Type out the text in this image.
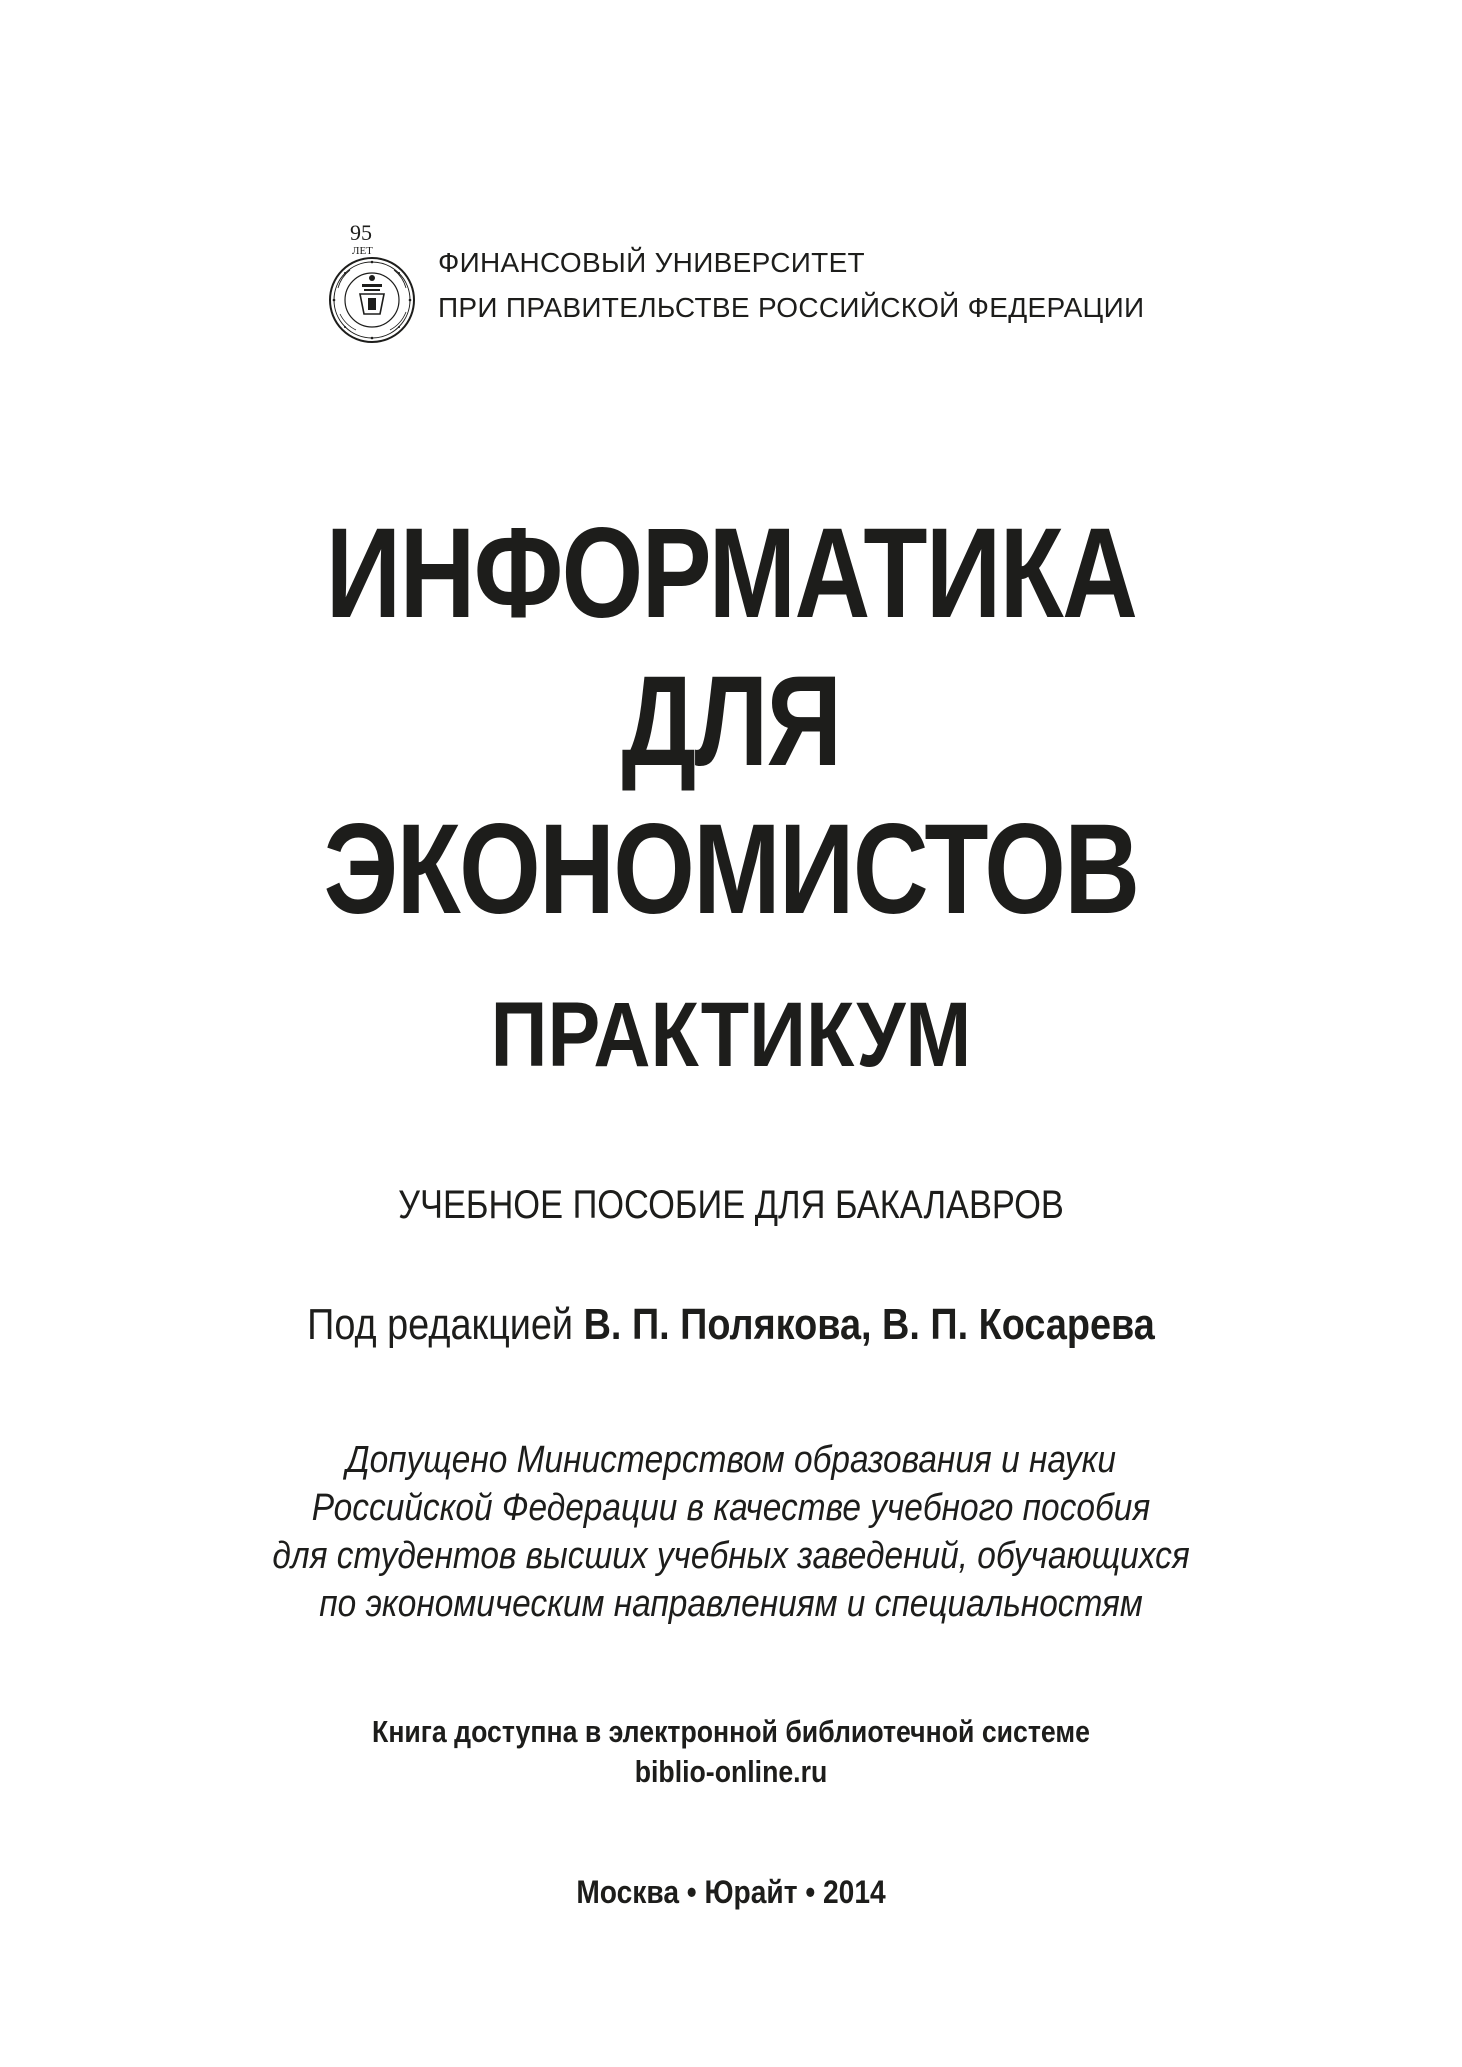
95
ЛЕТ ФИНАНСОВЫЙ УНИВЕРСИТЕТ
ПРИ ПРАВИТЕЛЬСТВЕ РОССИЙСКОЙ ФЕДЕРАЦИИ
ИНФОРМАТИКА
ДЛЯ
ЭКОНОМИСТОВ
ПРАКТИКУМ
УЧЕБНОЕ ПОСОБИЕ ДЛЯ БАКАЛАВРОВ
Под редакцией В. П. Полякова, В. П. Косарева
Допущено Министерством образования и науки
Российской Федерации в качестве учебного пособия
для студентов высших учебных заведений, обучающихся
по экономическим направлениям и специальностям
Книга доступна в электронной библиотечной системе
biblio-online.ru
Москва • Юрайт • 2014
